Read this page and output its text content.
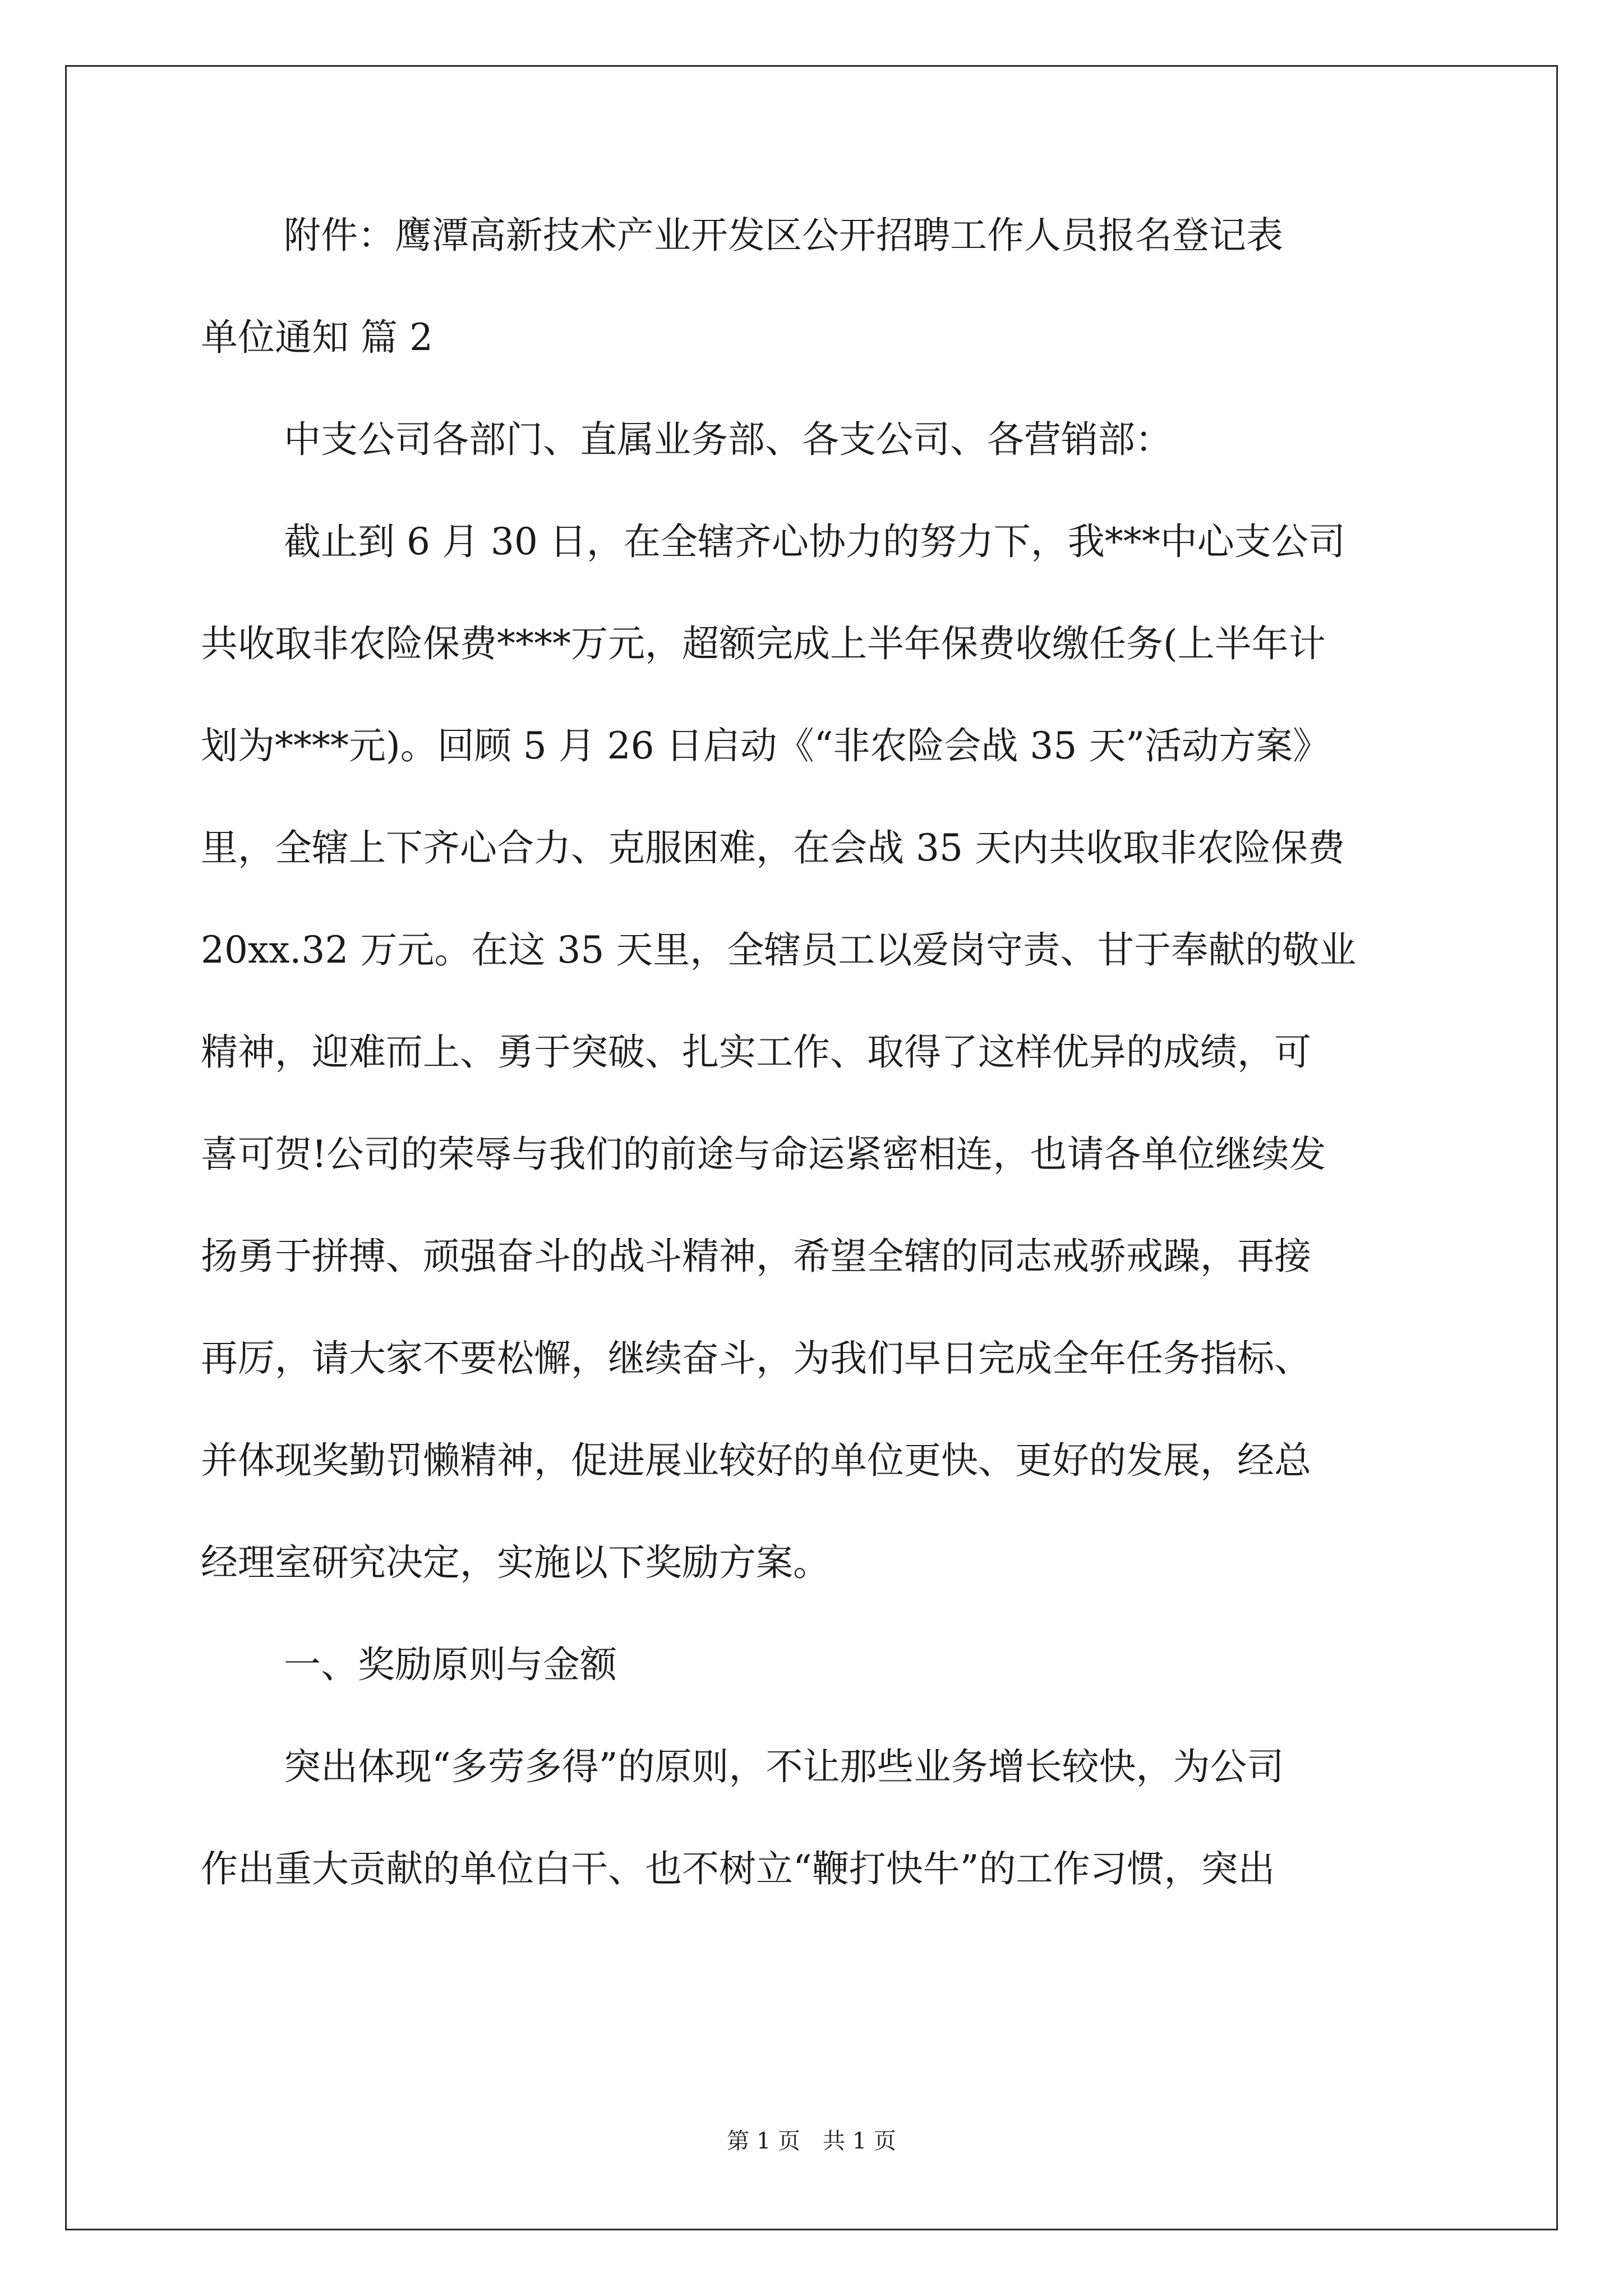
附件：鹰潭高新技术产业开发区公开招聘工作人员报名登记表
单位通知 篇 2
中支公司各部门、直属业务部、各支公司、各营销部：
截止到 6 月 30 日，在全辖齐心协力的努力下，我***中心支公司
共收取非农险保费****万元，超额完成上半年保费收缴任务(上半年计
划为****元)。回顾 5 月 26 日启动《“非农险会战 35 天”活动方案》
里，全辖上下齐心合力、克服困难，在会战 35 天内共收取非农险保费
20xx.32 万元。在这 35 天里，全辖员工以爱岗守责、甘于奉献的敬业
精神，迎难而上、勇于突破、扎实工作、取得了这样优异的成绩，可
喜可贺!公司的荣辱与我们的前途与命运紧密相连，也请各单位继续发
扬勇于拼搏、顽强奋斗的战斗精神，希望全辖的同志戒骄戒躁，再接
再厉，请大家不要松懈，继续奋斗，为我们早日完成全年任务指标、
并体现奖勤罚懒精神，促进展业较好的单位更快、更好的发展，经总
经理室研究决定，实施以下奖励方案。
一、奖励原则与金额
突出体现“多劳多得”的原则，不让那些业务增长较快，为公司
作出重大贡献的单位白干、也不树立“鞭打快牛”的工作习惯，突出
第 1 页　共 1 页
